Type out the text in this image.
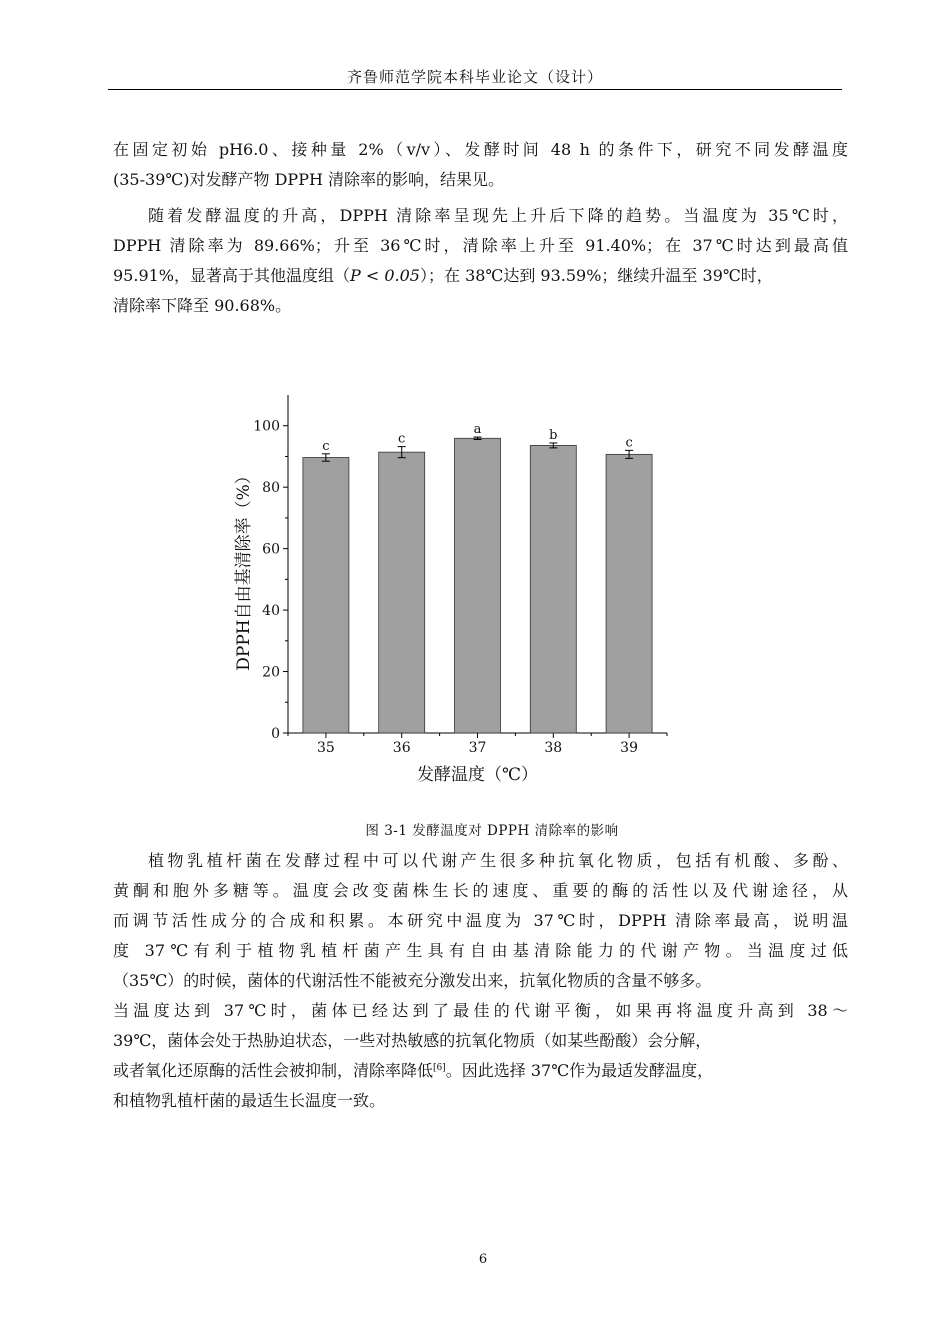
齐鲁师范学院本科毕业论文（设计）

在固定初始 pH6.0、接种量 2%（v/v）、发酵时间 48 h 的条件下，研究不同发酵温度
(35-39℃)对发酵产物 DPPH 清除率的影响，结果见。

随着发酵温度的升高，DPPH 清除率呈现先上升后下降的趋势。当温度为 35℃时，
DPPH 清除率为 89.66%；升至 36℃时，清除率上升至 91.40%；在 37℃时达到最高值
95.91%，显著高于其他温度组（P < 0.05）；在 38℃达到 93.59%；继续升温至 39℃时，
清除率下降至 90.68%。

0
20
40
60
80
100
c
35
c
36
a
37
b
38
c
39
发酵温度（℃）
DPPH自由基清除率（%）
图 3-1 发酵温度对 DPPH 清除率的影响

植物乳植杆菌在发酵过程中可以代谢产生很多种抗氧化物质，包括有机酸、多酚、
黄酮和胞外多糖等。温度会改变菌株生长的速度、重要的酶的活性以及代谢途径，从
而调节活性成分的合成和积累。本研究中温度为 37℃时，DPPH 清除率最高，说明温
度 37℃有利于植物乳植杆菌产生具有自由基清除能力的代谢产物。当温度过低
（35℃）的时候，菌体的代谢活性不能被充分激发出来，抗氧化物质的含量不够多。
当温度达到 37℃时，菌体已经达到了最佳的代谢平衡，如果再将温度升高到 38～
39℃，菌体会处于热胁迫状态，一些对热敏感的抗氧化物质（如某些酚酸）会分解，
或者氧化还原酶的活性会被抑制，清除率降低[6]。因此选择 37℃作为最适发酵温度，
和植物乳植杆菌的最适生长温度一致。

6
